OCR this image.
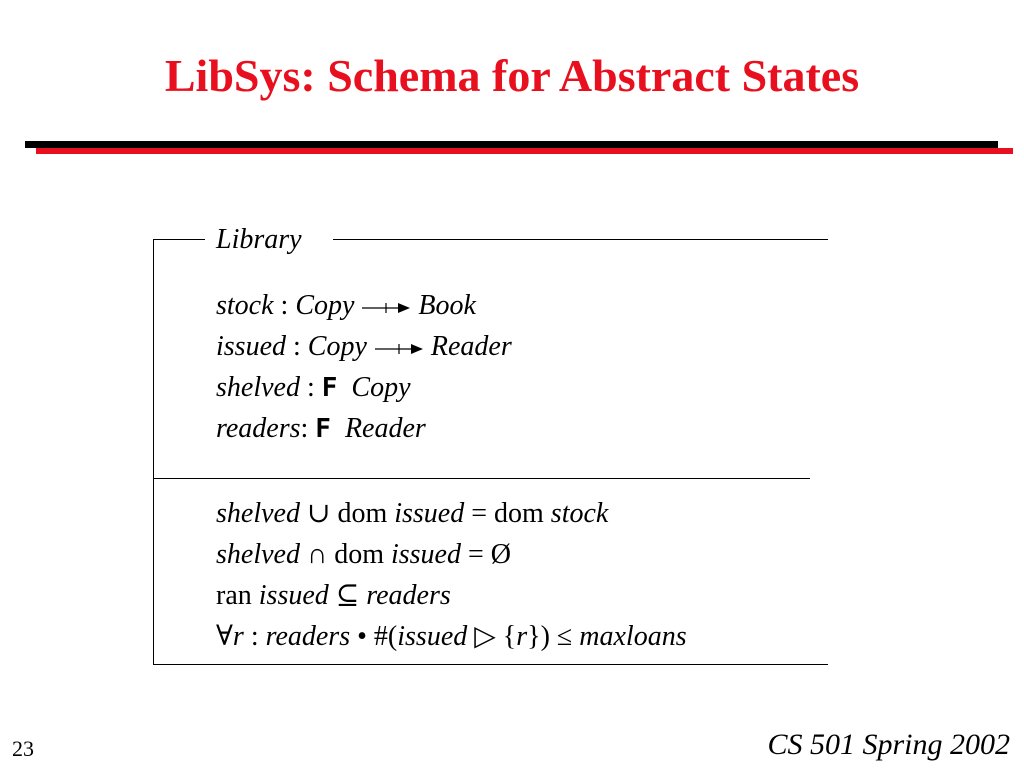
LibSys: Schema for Abstract States
Library
stock : Copy Book
issued : Copy Reader
shelved : F Copy
readers: F Reader
shelved ∪ dom issued = dom stock
shelved ∩ dom issued = Ø
ran issued ⊆ readers
∀r : readers • #(issued ▷ {r}) ≤ maxloans
23	CS 501 Spring 2002
